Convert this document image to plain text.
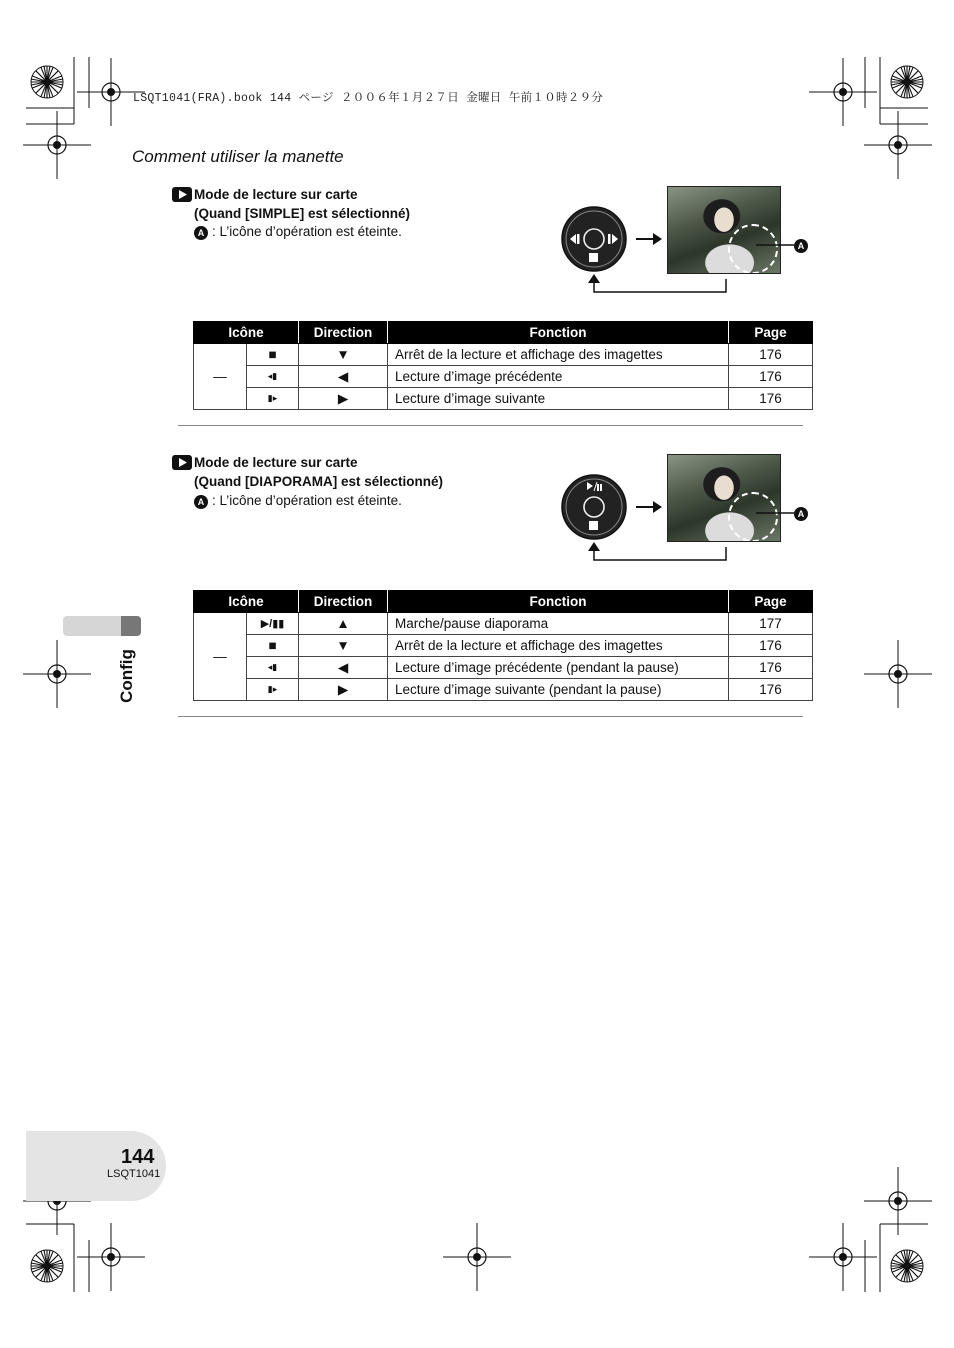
LSQT1041(FRA).book 144 ページ ２００６年１月２７日 金曜日 午前１０時２９分
Comment utiliser la manette
Mode de lecture sur carte
(Quand [SIMPLE] est sélectionné)
A : L’icône d’opération est éteinte.
A
Icône		Direction	Fonction	Page
—	■	▼	Arrêt de la lecture et affichage des imagettes	176
	◂▮	◀	Lecture d’image précédente	176
	▮▸	▶	Lecture d’image suivante	176
Mode de lecture sur carte
(Quand [DIAPORAMA] est sélectionné)
A : L’icône d’opération est éteinte.
A
Icône		Direction	Fonction	Page
—	▶/▮▮	▲	Marche/pause diaporama	177
	■	▼	Arrêt de la lecture et affichage des imagettes	176
	◂▮	◀	Lecture d’image précédente (pendant la pause)	176
	▮▸	▶	Lecture d’image suivante (pendant la pause)	176
Config
144
LSQT1041
